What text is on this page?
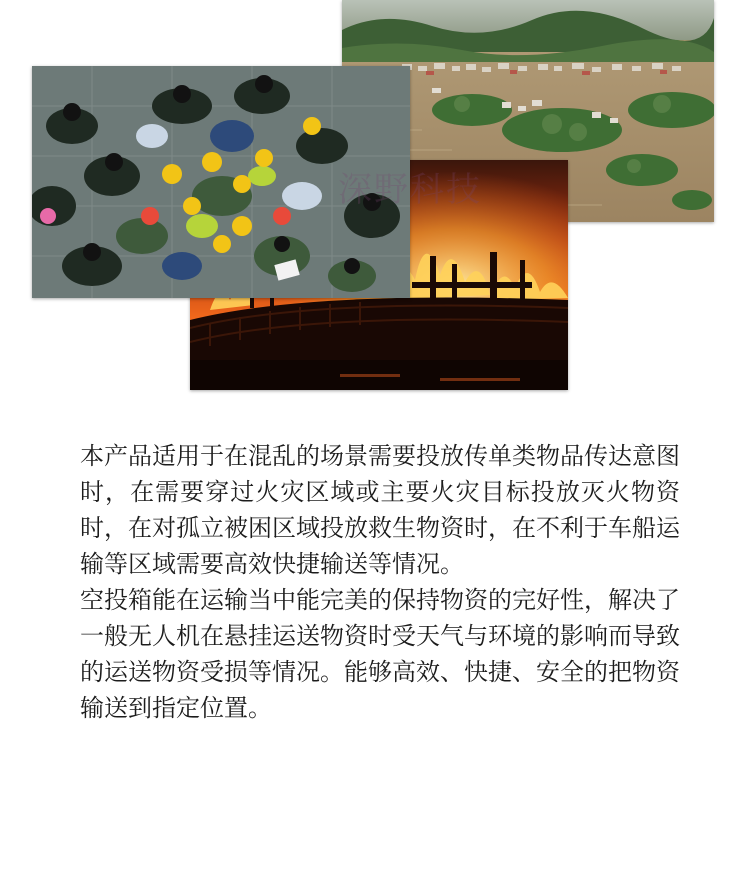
深野科技

本产品适用于在混乱的场景需要投放传单类物品传达意图时，在需要穿过火灾区域或主要火灾目标投放灭火物资时，在对孤立被困区域投放救生物资时，在不利于车船运输等区域需要高效快捷输送等情况。

空投箱能在运输当中能完美的保持物资的完好性，解决了一般无人机在悬挂运送物资时受天气与环境的影响而导致的运送物资受损等情况。能够高效、快捷、安全的把物资输送到指定位置。
